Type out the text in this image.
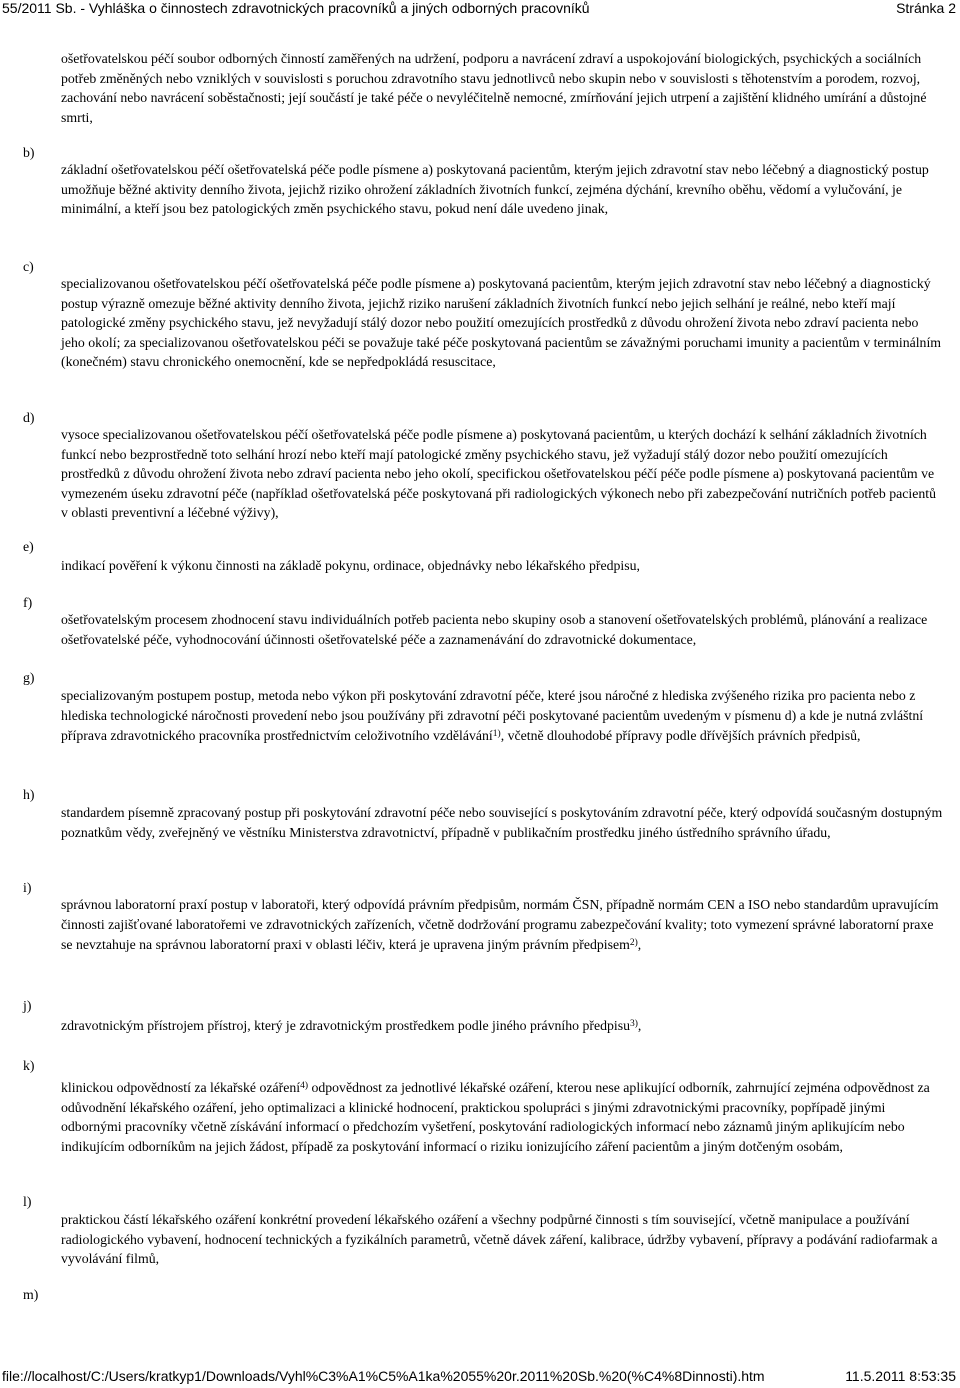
55/2011 Sb. - Vyhláška o činnostech zdravotnických pracovníků a jiných odborných pracovníků	Stránka 2
ošetřovatelskou péčí soubor odborných činností zaměřených na udržení, podporu a navrácení zdraví a uspokojování biologických, psychických a sociálních potřeb změněných nebo vzniklých v souvislosti s poruchou zdravotního stavu jednotlivců nebo skupin nebo v souvislosti s těhotenstvím a porodem, rozvoj, zachování nebo navrácení soběstačnosti; její součástí je také péče o nevyléčitelně nemocné, zmírňování jejich utrpení a zajištění klidného umírání a důstojné smrti,
b)
základní ošetřovatelskou péčí ošetřovatelská péče podle písmene a) poskytovaná pacientům, kterým jejich zdravotní stav nebo léčebný a diagnostický postup umožňuje běžné aktivity denního života, jejichž riziko ohrožení základních životních funkcí, zejména dýchání, krevního oběhu, vědomí a vylučování, je minimální, a kteří jsou bez patologických změn psychického stavu, pokud není dále uvedeno jinak,
c)
specializovanou ošetřovatelskou péčí ošetřovatelská péče podle písmene a) poskytovaná pacientům, kterým jejich zdravotní stav nebo léčebný a diagnostický postup výrazně omezuje běžné aktivity denního života, jejichž riziko narušení základních životních funkcí nebo jejich selhání je reálné, nebo kteří mají patologické změny psychického stavu, jež nevyžadují stálý dozor nebo použití omezujících prostředků z důvodu ohrožení života nebo zdraví pacienta nebo jeho okolí; za specializovanou ošetřovatelskou péči se považuje také péče poskytovaná pacientům se závažnými poruchami imunity a pacientům v terminálním (konečném) stavu chronického onemocnění, kde se nepředpokládá resuscitace,
d)
vysoce specializovanou ošetřovatelskou péčí ošetřovatelská péče podle písmene a) poskytovaná pacientům, u kterých dochází k selhání základních životních funkcí nebo bezprostředně toto selhání hrozí nebo kteří mají patologické změny psychického stavu, jež vyžadují stálý dozor nebo použití omezujících prostředků z důvodu ohrožení života nebo zdraví pacienta nebo jeho okolí, specifickou ošetřovatelskou péčí péče podle písmene a) poskytovaná pacientům ve vymezeném úseku zdravotní péče (například ošetřovatelská péče poskytovaná při radiologických výkonech nebo při zabezpečování nutričních potřeb pacientů v oblasti preventivní a léčebné výživy),
e)
indikací pověření k výkonu činnosti na základě pokynu, ordinace, objednávky nebo lékařského předpisu,
f)
ošetřovatelským procesem zhodnocení stavu individuálních potřeb pacienta nebo skupiny osob a stanovení ošetřovatelských problémů, plánování a realizace ošetřovatelské péče, vyhodnocování účinnosti ošetřovatelské péče a zaznamenávání do zdravotnické dokumentace,
g)
specializovaným postupem postup, metoda nebo výkon při poskytování zdravotní péče, které jsou náročné z hlediska zvýšeného rizika pro pacienta nebo z hlediska technologické náročnosti provedení nebo jsou používány při zdravotní péči poskytované pacientům uvedeným v písmenu d) a kde je nutná zvláštní příprava zdravotnického pracovníka prostřednictvím celoživotního vzdělávání$^{1)}$, včetně dlouhodobé přípravy podle dřívějších právních předpisů,
h)
standardem písemně zpracovaný postup při poskytování zdravotní péče nebo související s poskytováním zdravotní péče, který odpovídá současným dostupným poznatkům vědy, zveřejněný ve věstníku Ministerstva zdravotnictví, případně v publikačním prostředku jiného ústředního správního úřadu,
i)
správnou laboratorní praxí postup v laboratoři, který odpovídá právním předpisům, normám ČSN, případně normám CEN a ISO nebo standardům upravujícím činnosti zajišťované laboratořemi ve zdravotnických zařízeních, včetně dodržování programu zabezpečování kvality; toto vymezení správné laboratorní praxe se nevztahuje na správnou laboratorní praxi v oblasti léčiv, která je upravena jiným právním předpisem$^{2)}$,
j)
zdravotnickým přístrojem přístroj, který je zdravotnickým prostředkem podle jiného právního předpisu$^{3)}$,
k)
klinickou odpovědností za lékařské ozáření$^{4)}$ odpovědnost za jednotlivé lékařské ozáření, kterou nese aplikující odborník, zahrnující zejména odpovědnost za odůvodnění lékařského ozáření, jeho optimalizaci a klinické hodnocení, praktickou spolupráci s jinými zdravotnickými pracovníky, popřípadě jinými odbornými pracovníky včetně získávání informací o předchozím vyšetření, poskytování radiologických informací nebo záznamů jiným aplikujícím nebo indikujícím odborníkům na jejich žádost, případě za poskytování informací o riziku ionizujícího záření pacientům a jiným dotčeným osobám,
l)
praktickou částí lékařského ozáření konkrétní provedení lékařského ozáření a všechny podpůrné činnosti s tím související, včetně manipulace a používání radiologického vybavení, hodnocení technických a fyzikálních parametrů, včetně dávek záření, kalibrace, údržby vybavení, přípravy a podávání radiofarmak a vyvolávání filmů,
m)
file://localhost/C:/Users/kratkyp1/Downloads/Vyhl%C3%A1%C5%A1ka%2055%20r.2011%20Sb.%20(%C4%8Dinnosti).htm	11.5.2011 8:53:35
